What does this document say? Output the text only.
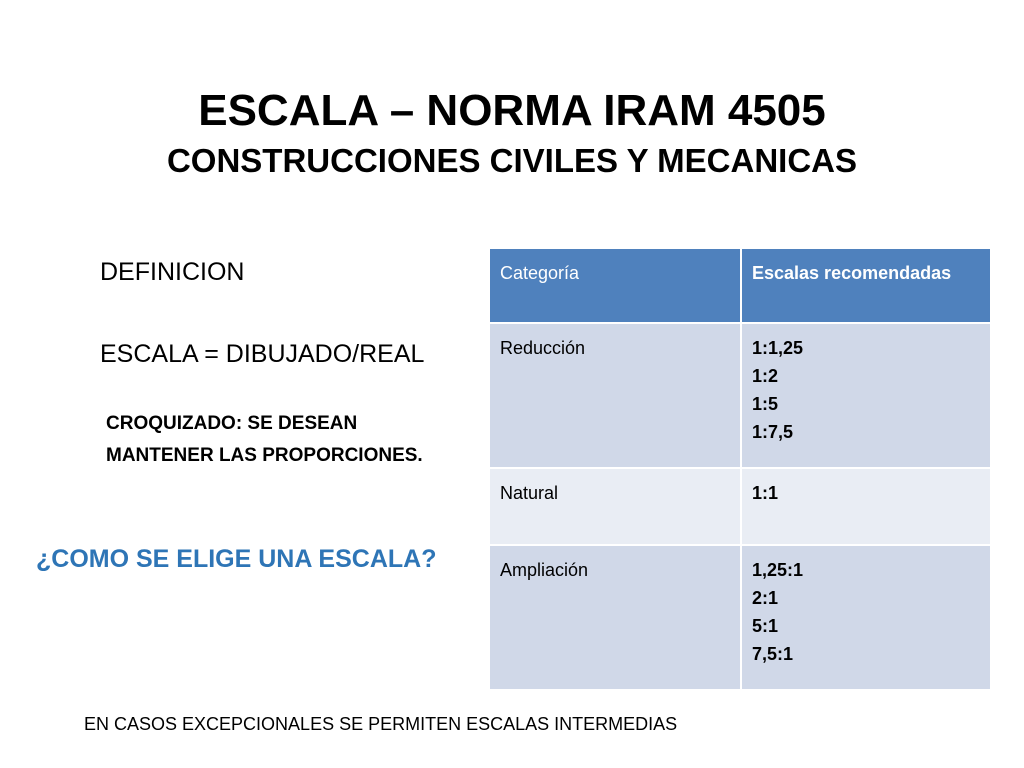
ESCALA – NORMA IRAM 4505
CONSTRUCCIONES CIVILES Y MECANICAS
DEFINICION
ESCALA = DIBUJADO/REAL
CROQUIZADO: SE DESEAN MANTENER LAS PROPORCIONES.
¿COMO SE ELIGE UNA ESCALA?
Categoría	Escalas recomendadas
Reducción	1:1,25
1:2
1:5
1:7,5

Natural	1:1

Ampliación	1,25:1
2:1
5:1
7,5:1
EN CASOS EXCEPCIONALES SE PERMITEN ESCALAS INTERMEDIAS
